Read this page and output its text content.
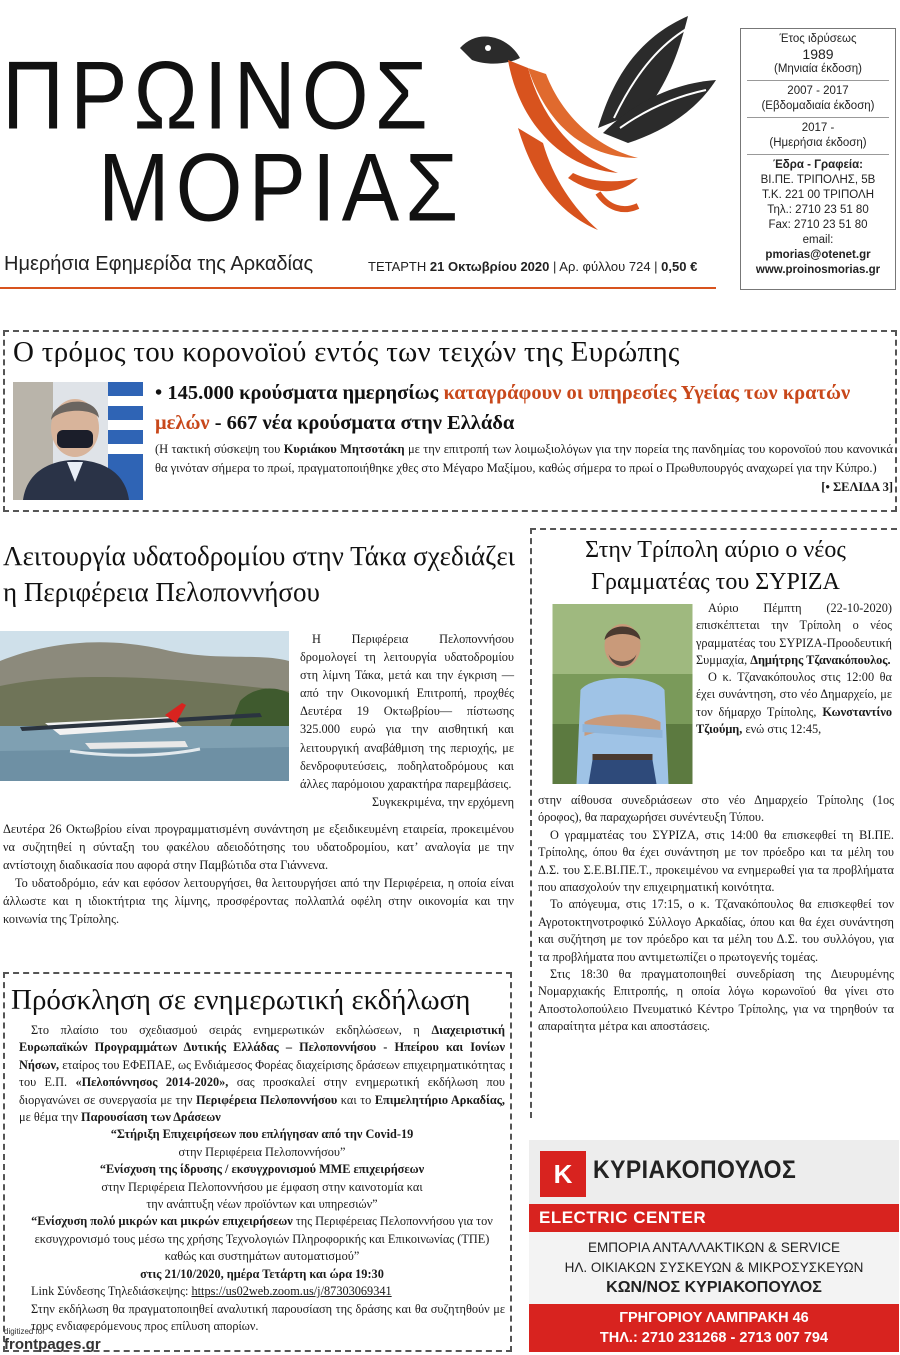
ΠΡΩΙΝΟΣ
ΜΟΡΙΑΣ
Ημερήσια Εφημερίδα της Αρκαδίας	ΤΕΤΑΡΤΗ 21 Οκτωβρίου 2020 | Αρ. φύλλου 724 | 0,50 €
Έτος ιδρύσεως
1989
(Μηνιαία έκδοση)
2007 - 2017
(Εβδομαδιαία έκδοση)
2017 -
(Ημερήσια έκδοση)
Έδρα - Γραφεία:
ΒΙ.ΠΕ. ΤΡΙΠΟΛΗΣ, 5Β
Τ.Κ. 221 00 ΤΡΙΠΟΛΗ
Τηλ.: 2710 23 51 80
Fax: 2710 23 51 80
email:
pmorias@otenet.gr
www.proinosmorias.gr
Ο τρόμος του κορονοϊού εντός των τειχών της Ευρώπης
• 145.000 κρούσματα ημερησίως καταγράφουν οι υπηρεσίες Υγείας των κρατών μελών - 667 νέα κρούσματα στην Ελλάδα
(Η τακτική σύσκεψη του Κυριάκου Μητσοτάκη με την επιτροπή των λοιμωξιολόγων για την πορεία της πανδημίας του κορονοϊού που κανονικά θα γινόταν σήμερα το πρωί, πραγματοποιήθηκε χθες στο Μέγαρο Μαξίμου, καθώς σήμερα το πρωί ο Πρωθυπουργός αναχωρεί για την Κύπρο.)
[• ΣΕΛΙΔΑ 3]
Λειτουργία υδατοδρομίου στην Τάκα σχεδιάζει η Περιφέρεια Πελοποννήσου

Η Περιφέρεια Πελοποννήσου δρομολογεί τη λειτουργία υδατοδρομίου στη λίμνη Τάκα, μετά και την έγκριση —από την Οικονομική Επιτροπή, προχθές Δευτέρα 19 Οκτωβρίου— πίστωσης 325.000 ευρώ για την αισθητική και λειτουργική αναβάθμιση της περιοχής, με δενδροφυτεύσεις, ποδηλατοδρόμους και άλλες παρόμοιου χαρακτήρα παρεμβάσεις.

Συγκεκριμένα, την ερχόμενη

Δευτέρα 26 Οκτωβρίου είναι προγραμματισμένη συνάντηση με εξειδικευμένη εταιρεία, προκειμένου να συζητηθεί η σύνταξη του φακέλου αδειοδότησης του υδατοδρομίου, κατ’ αναλογία με την αντίστοιχη διαδικασία που αφορά στην Παμβώτιδα στα Γιάννενα.

Το υδατοδρόμιο, εάν και εφόσον λειτουργήσει, θα λειτουργήσει από την Περιφέρεια, η οποία είναι άλλωστε και η ιδιοκτήτρια της λίμνης, προσφέροντας πολλαπλά οφέλη στην οικονομία και την κοινωνία της Τρίπολης.

Πρόσκληση σε ενημερωτική εκδήλωση
Στο πλαίσιο του σχεδιασμού σειράς ενημερωτικών εκδηλώσεων, η Διαχειριστική Ευρωπαϊκών Προγραμμάτων Δυτικής Ελλάδας – Πελοποννήσου - Ηπείρου και Ιονίων Νήσων, εταίρος του ΕΦΕΠΑΕ, ως Ενδιάμεσος Φορέας διαχείρισης δράσεων επιχειρηματικότητας του Ε.Π. «Πελοπόννησος 2014-2020», σας προσκαλεί στην ενημερωτική εκδήλωση που διοργανώνει σε συνεργασία με την Περιφέρεια Πελοποννήσου και το Επιμελητήριο Αρκαδίας, με θέμα την Παρουσίαση των Δράσεων
“Στήριξη Επιχειρήσεων που επλήγησαν από την Covid-19
στην Περιφέρεια Πελοποννήσου”
“Ενίσχυση της ίδρυσης / εκσυγχρονισμού ΜΜΕ επιχειρήσεων
στην Περιφέρεια Πελοποννήσου με έμφαση στην καινοτομία και
την ανάπτυξη νέων προϊόντων και υπηρεσιών”
“Ενίσχυση πολύ μικρών και μικρών επιχειρήσεων της Περιφέρειας Πελοποννήσου για τον εκσυγχρονισμό τους μέσω της χρήσης Τεχνολογιών Πληροφορικής και Επικοινωνίας (ΤΠΕ) καθώς και συστημάτων αυτοματισμού”
στις 21/10/2020, ημέρα Τετάρτη και ώρα 19:30
Link Σύνδεσης Τηλεδιάσκεψης: https://us02web.zoom.us/j/87303069341
Στην εκδήλωση θα πραγματοποιηθεί αναλυτική παρουσίαση της δράσης και θα συζητηθούν με τους ενδιαφερόμενους προς επίλυση απορίων.
Στην Τρίπολη αύριο ο νέος Γραμματέας του ΣΥΡΙΖΑ

Αύριο Πέμπτη (22-10-2020) επισκέπτεται την Τρίπολη ο νέος γραμματέας του ΣΥΡΙΖΑ-Προοδευτική Συμμαχία, Δημήτρης Τζανακόπουλος.

Ο κ. Τζανακόπουλος στις 12:00 θα έχει συνάντηση, στο νέο Δημαρχείο, με τον δήμαρχο Τρίπολης, Κωνσταντίνο Τζιούμη, ενώ στις 12:45,

στην αίθουσα συνεδριάσεων στο νέο Δημαρχείο Τρίπολης (1ος όροφος), θα παραχωρήσει συνέντευξη Τύπου.

Ο γραμματέας του ΣΥΡΙΖΑ, στις 14:00 θα επισκεφθεί τη ΒΙ.ΠΕ. Τρίπολης, όπου θα έχει συνάντηση με τον πρόεδρο και τα μέλη του Δ.Σ. του Σ.Ε.ΒΙ.ΠΕ.Τ., προκειμένου να ενημερωθεί για τα προβλήματα που απασχολούν την επιχειρηματική κοινότητα.

Το απόγευμα, στις 17:15, ο κ. Τζανακόπουλος θα επισκεφθεί τον Αγροτοκτηνοτροφικό Σύλλογο Αρκαδίας, όπου και θα έχει συνάντηση και συζήτηση με τον πρόεδρο και τα μέλη του Δ.Σ. του συλλόγου, για τα προβλήματα που αντιμετωπίζει ο πρωτογενής τομέας.

Στις 18:30 θα πραγματοποιηθεί συνεδρίαση της Διευρυμένης Νομαρχιακής Επιτροπής, η οποία λόγω κορωνοϊού θα γίνει στο Αποστολοπούλειο Πνευματικό Κέντρο Τρίπολης, για να τηρηθούν τα απαραίτητα μέτρα και αποστάσεις.

Κ ΚΥΡΙΑΚΟΠΟΥΛΟΣ
ELECTRIC CENTER
ΕΜΠΟΡΙΑ ΑΝΤΑΛΛΑΚΤΙΚΩΝ & SERVICE
ΗΛ. ΟΙΚΙΑΚΩΝ ΣΥΣΚΕΥΩΝ & ΜΙΚΡΟΣΥΣΚΕΥΩΝ
ΚΩΝ/ΝΟΣ ΚΥΡΙΑΚΟΠΟΥΛΟΣ
ΓΡΗΓΟΡΙΟΥ ΛΑΜΠΡΑΚΗ 46
ΤΗΛ.: 2710 231268 - 2713 007 794
digitized for
frontpages.gr
